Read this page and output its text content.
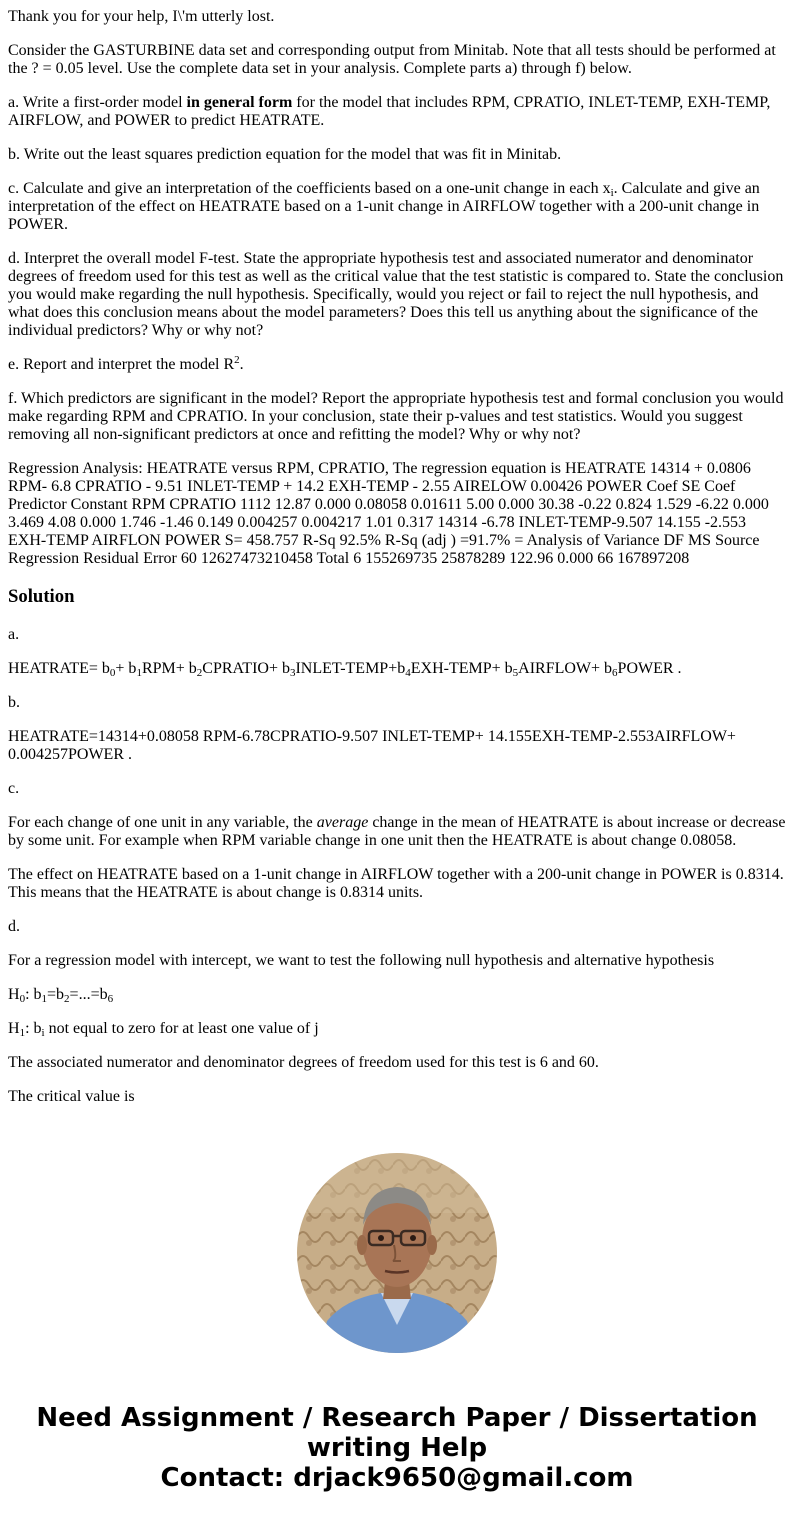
Thank you for your help, I\'m utterly lost.

Consider the GASTURBINE data set and corresponding output from Minitab. Note that all tests should be performed at the ? = 0.05 level. Use the complete data set in your analysis. Complete parts a) through f) below.

a. Write a first-order model in general form for the model that includes RPM, CPRATIO, INLET-TEMP, EXH-TEMP, AIRFLOW, and POWER to predict HEATRATE.

b. Write out the least squares prediction equation for the model that was fit in Minitab.

c. Calculate and give an interpretation of the coefficients based on a one-unit change in each $x_i$. Calculate and give an interpretation of the effect on HEATRATE based on a 1-unit change in AIRFLOW together with a 200-unit change in POWER.

d. Interpret the overall model F-test. State the appropriate hypothesis test and associated numerator and denominator degrees of freedom used for this test as well as the critical value that the test statistic is compared to. State the conclusion you would make regarding the null hypothesis. Specifically, would you reject or fail to reject the null hypothesis, and what does this conclusion means about the model parameters? Does this tell us anything about the significance of the individual predictors? Why or why not?

e. Report and interpret the model $R^2$.

f. Which predictors are significant in the model? Report the appropriate hypothesis test and formal conclusion you would make regarding RPM and CPRATIO. In your conclusion, state their p-values and test statistics. Would you suggest removing all non-significant predictors at once and refitting the model? Why or why not?

Regression Analysis: HEATRATE versus RPM, CPRATIO, The regression equation is HEATRATE 14314 + 0.0806 RPM- 6.8 CPRATIO - 9.51 INLET-TEMP + 14.2 EXH-TEMP - 2.55 AIRELOW 0.00426 POWER Coef SE Coef Predictor Constant RPM CPRATIO 1112 12.87 0.000 0.08058 0.01611 5.00 0.000 30.38 -0.22 0.824 1.529 -6.22 0.000 3.469 4.08 0.000 1.746 -1.46 0.149 0.004257 0.004217 1.01 0.317 14314 -6.78 INLET-TEMP-9.507 14.155 -2.553 EXH-TEMP AIRFLON POWER S= 458.757 R-Sq 92.5% R-Sq (adj ) =91.7% = Analysis of Variance DF MS Source Regression Residual Error 60 12627473210458 Total 6 155269735 25878289 122.96 0.000 66 167897208

Solution

a.

HEATRATE= $b_0+ b_1RPM+$ $b_2CPRATIO+$ $b_3INLET-TEMP+b_4EXH-TEMP+$ $b_5AIRFLOW+$ $b_6POWER$ .

b.

HEATRATE=14314+0.08058 RPM-6.78CPRATIO-9.507 INLET-TEMP+ 14.155EXH-TEMP-2.553AIRFLOW+ 0.004257POWER .

c.

For each change of one unit in any variable, the average change in the mean of HEATRATE is about increase or decrease by some unit. For example when RPM variable change in one unit then the HEATRATE is about change 0.08058.

The effect on HEATRATE based on a 1-unit change in AIRFLOW together with a 200-unit change in POWER is 0.8314. This means that the HEATRATE is about change is 0.8314 units.

d.

For a regression model with intercept, we want to test the following null hypothesis and alternative hypothesis

$H_0$: $b_1=b_2=...=b_6$

$H_1$: $b_i$ not equal to zero for at least one value of j

The associated numerator and denominator degrees of freedom used for this test is 6 and 60.

The critical value is

Need Assignment / Research Paper / Dissertation
writing Help
Contact: drjack9650@gmail.com
